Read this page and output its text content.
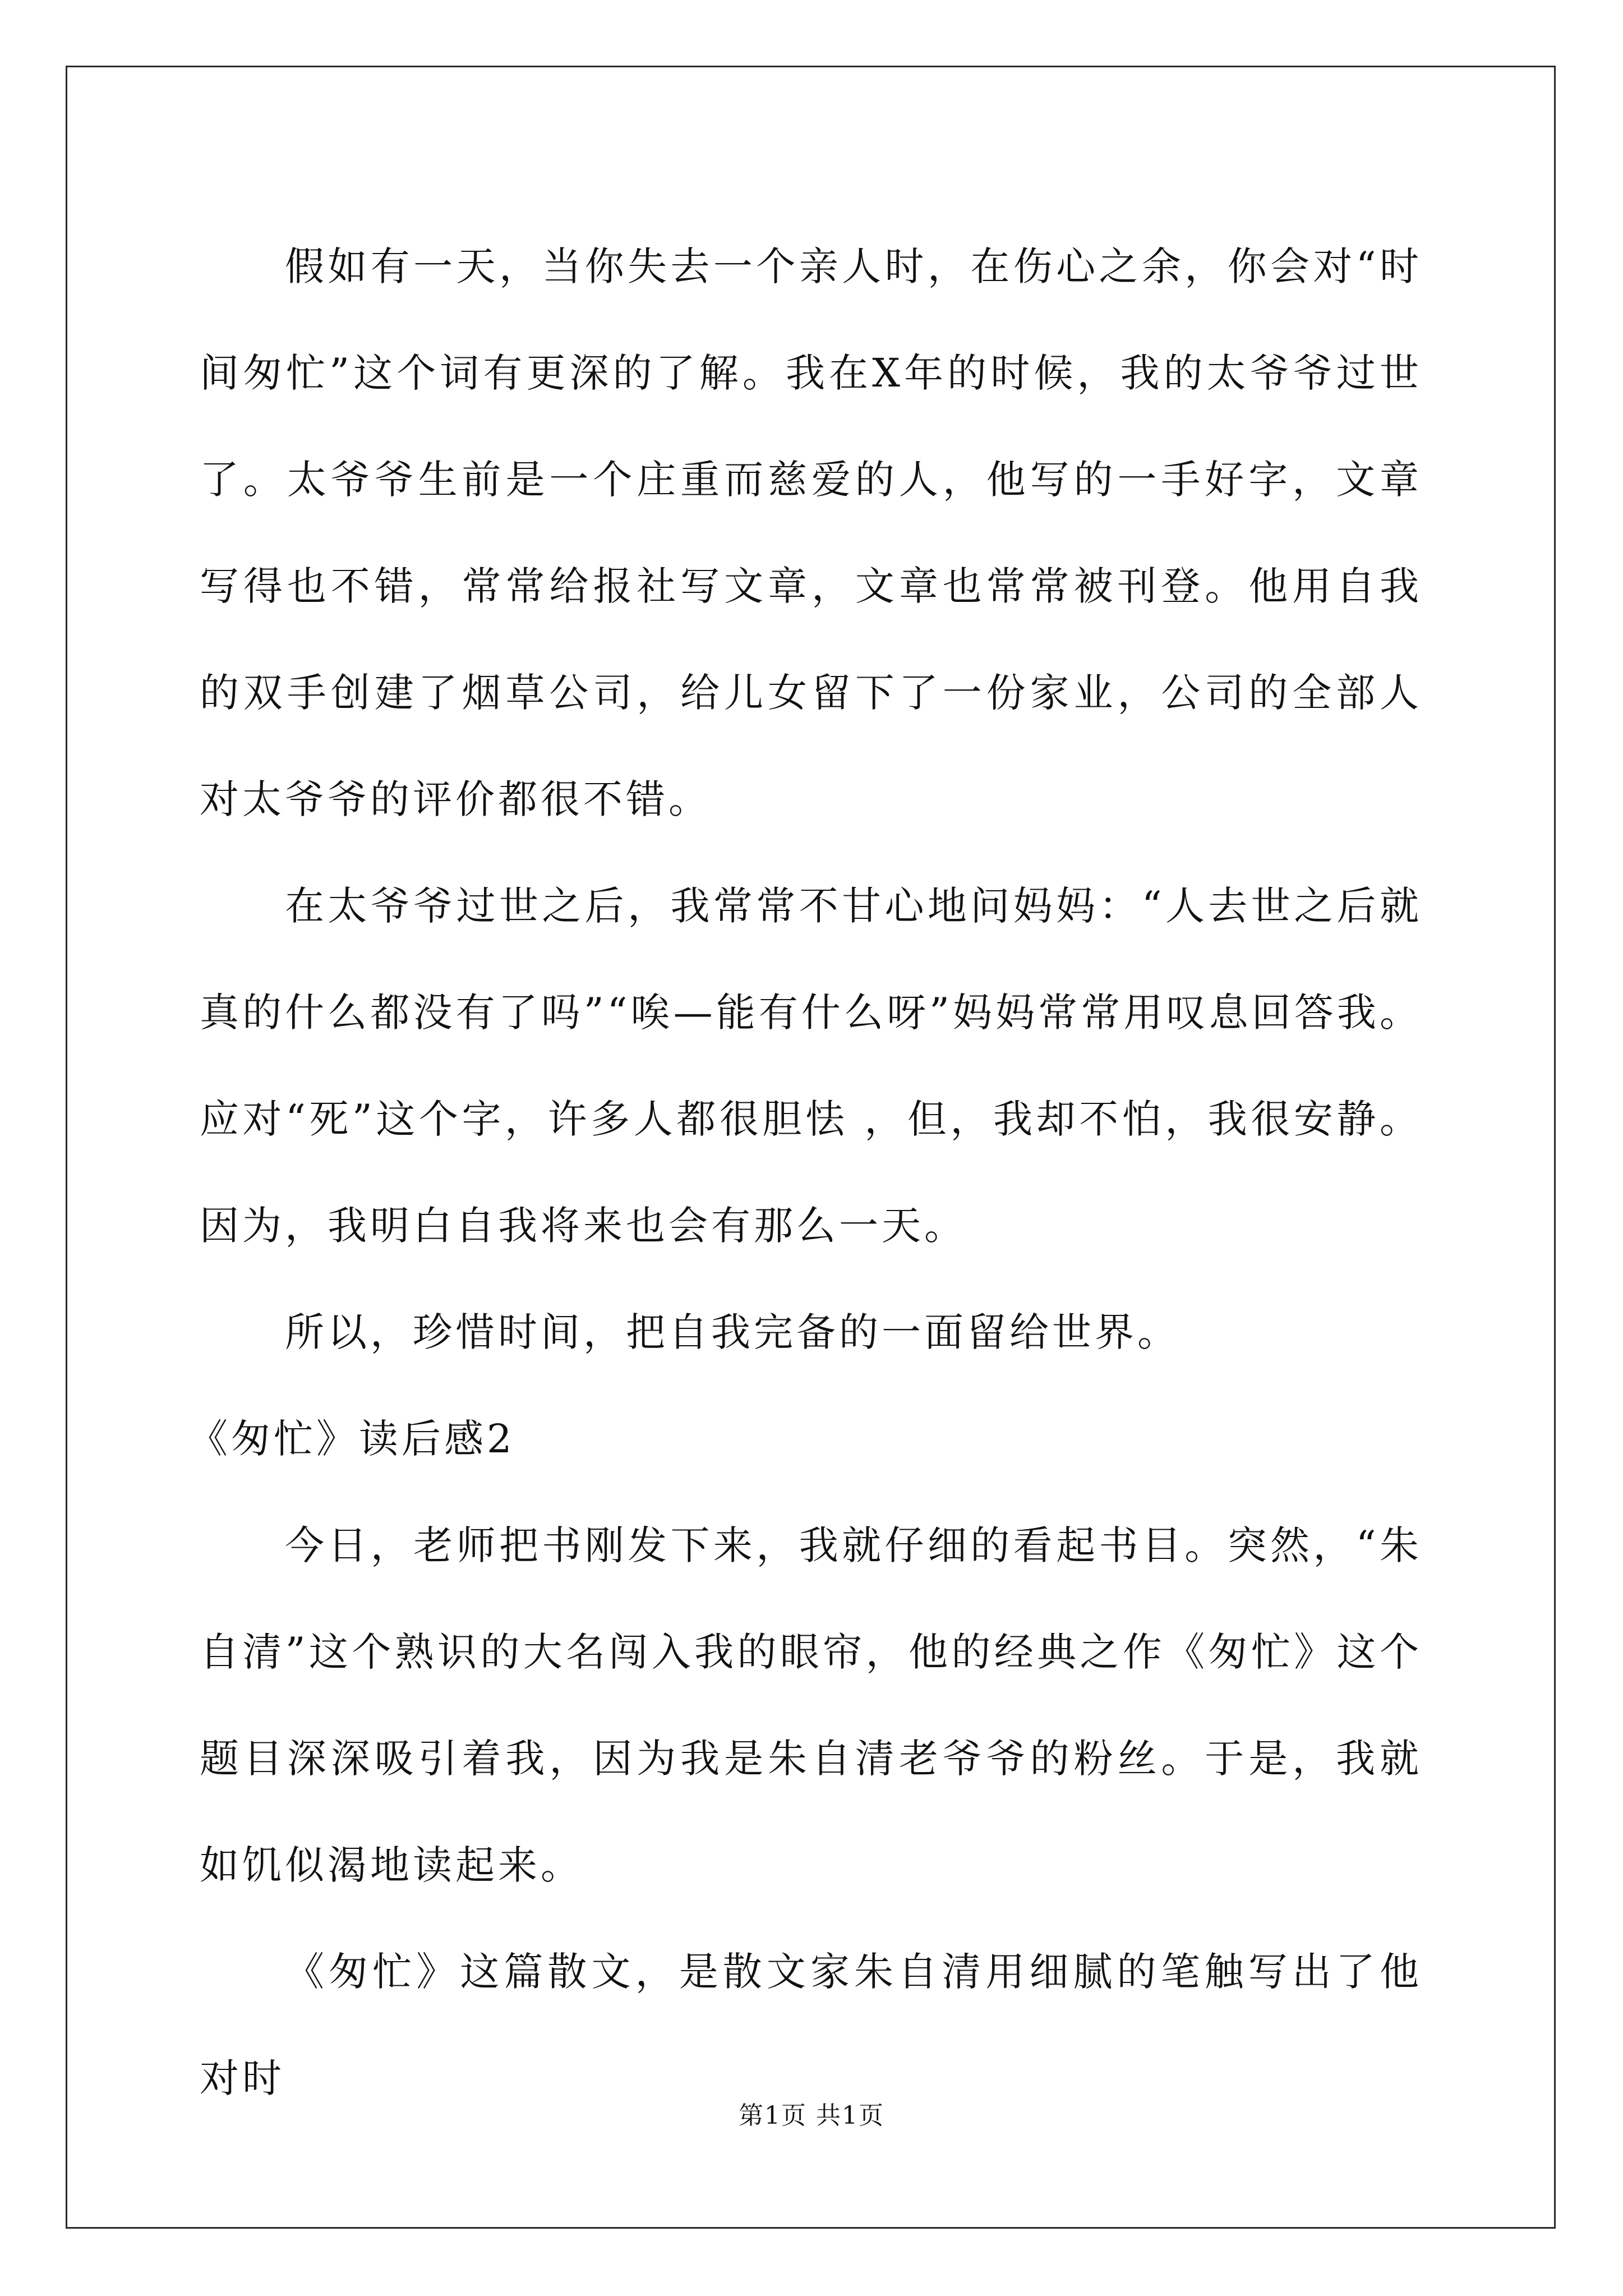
假如有一天，当你失去一个亲人时，在伤心之余，你会对“时间匆忙”这个词有更深的了解。我在X年的时候，我的太爷爷过世了。太爷爷生前是一个庄重而慈爱的人，他写的一手好字，文章写得也不错，常常给报社写文章，文章也常常被刊登。他用自我的双手创建了烟草公司，给儿女留下了一份家业，公司的全部人对太爷爷的评价都很不错。

在太爷爷过世之后，我常常不甘心地问妈妈：“人去世之后就真的什么都没有了吗”“唉—能有什么呀”妈妈常常用叹息回答我。应对“死”这个字，许多人都很胆怯 ，但，我却不怕，我很安静。因为，我明白自我将来也会有那么一天。

所以，珍惜时间，把自我完备的一面留给世界。

《匆忙》读后感2

今日，老师把书刚发下来，我就仔细的看起书目。突然，“朱自清”这个熟识的大名闯入我的眼帘，他的经典之作《匆忙》这个题目深深吸引着我，因为我是朱自清老爷爷的粉丝。于是，我就如饥似渴地读起来。

《匆忙》这篇散文，是散文家朱自清用细腻的笔触写出了他对时

第1页 共1页
